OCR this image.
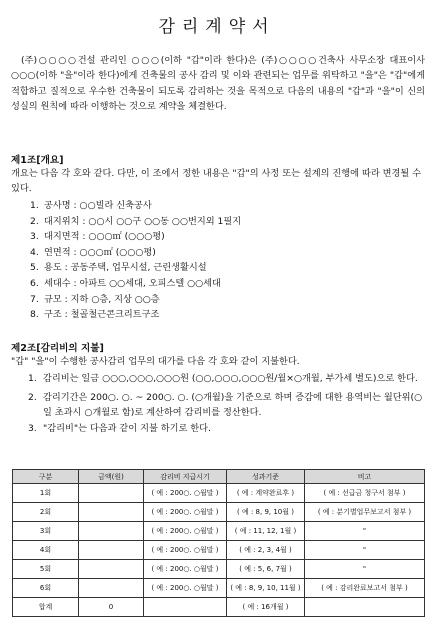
감리계약서

(주)○○○○건설 관리인 ○○○(이하 "갑"이라 한다)은 (주)○○○○건축사 사무소장 대표이사 ○○○(이하 "을"이라 한다)에게 건축물의 공사 감리 및 이와 관련되는 업무를 위탁하고 "을"은 "갑"에게 적합하고 질적으로 우수한 건축물이 되도록 감리하는 것을 목적으로 다음의 내용의 "갑"과 "을"이 신의성실의 원칙에 따라 이행하는 것으로 계약을 체결한다.

제1조[개요]

개요는 다음 각 호와 같다. 다만, 이 조에서 정한 내용은 "갑"의 사정 또는 설계의 진행에 따라 변경될 수 있다.

1. 공사명 : ○○빌라 신축공사
2. 대지위치 : ○○시 ○○구 ○○동 ○○번지외 1필지
3. 대지면적 : ○○○㎡ (○○○평)
4. 연면적 : ○○○㎡ (○○○평)
5. 용도 : 공동주택, 업무시설, 근린생활시설
6. 세대수 : 아파트 ○○세대, 오피스텔 ○○세대
7. 규모 : 지하 ○층, 지상 ○○층
8. 구조 : 철골철근콘크리트구조
제2조[감리비의 지불]

"갑" "을"이 수행한 공사감리 업무의 대가를 다음 각 호와 같이 지불한다.

1. 감리비는 일금 ○○○,○○○,○○○원 (○○,○○○,○○○원/월×○개월, 부가세 별도)으로 한다.
2. 감리기간은 200○. ○. ~ 200○. ○. (○개월)을 기준으로 하며 증감에 대한 용역비는 월단위(○일 초과시 ○개월로 함)로 계산하여 감리비를 정산한다.
3. "감리비"는 다음과 같이 지불 하기로 한다.
구분	금액(원)	감리비 지급시기	성과기준	비고
1회		( 예 : 200○. ○월말 )	( 예 : 계약완료후 )	( 예 : 선급금 청구서 첨부 )
2회		( 예 : 200○. ○월말 )	( 예 : 8, 9, 10월 )	( 예 : 분기별업무보고서 첨부 )
3회		( 예 : 200○. ○월말 )	( 예 : 11, 12, 1월 )	"
4회		( 예 : 200○. ○월말 )	( 예 : 2, 3, 4월 )	"
5회		( 예 : 200○. ○월말 )	( 예 : 5, 6, 7월 )	"
6회		( 예 : 200○. ○월말 )	( 예 : 8, 9, 10, 11월 )	( 예 : 감리완료보고서 첨부 )
합계	0		( 예 : 16개월 )	
